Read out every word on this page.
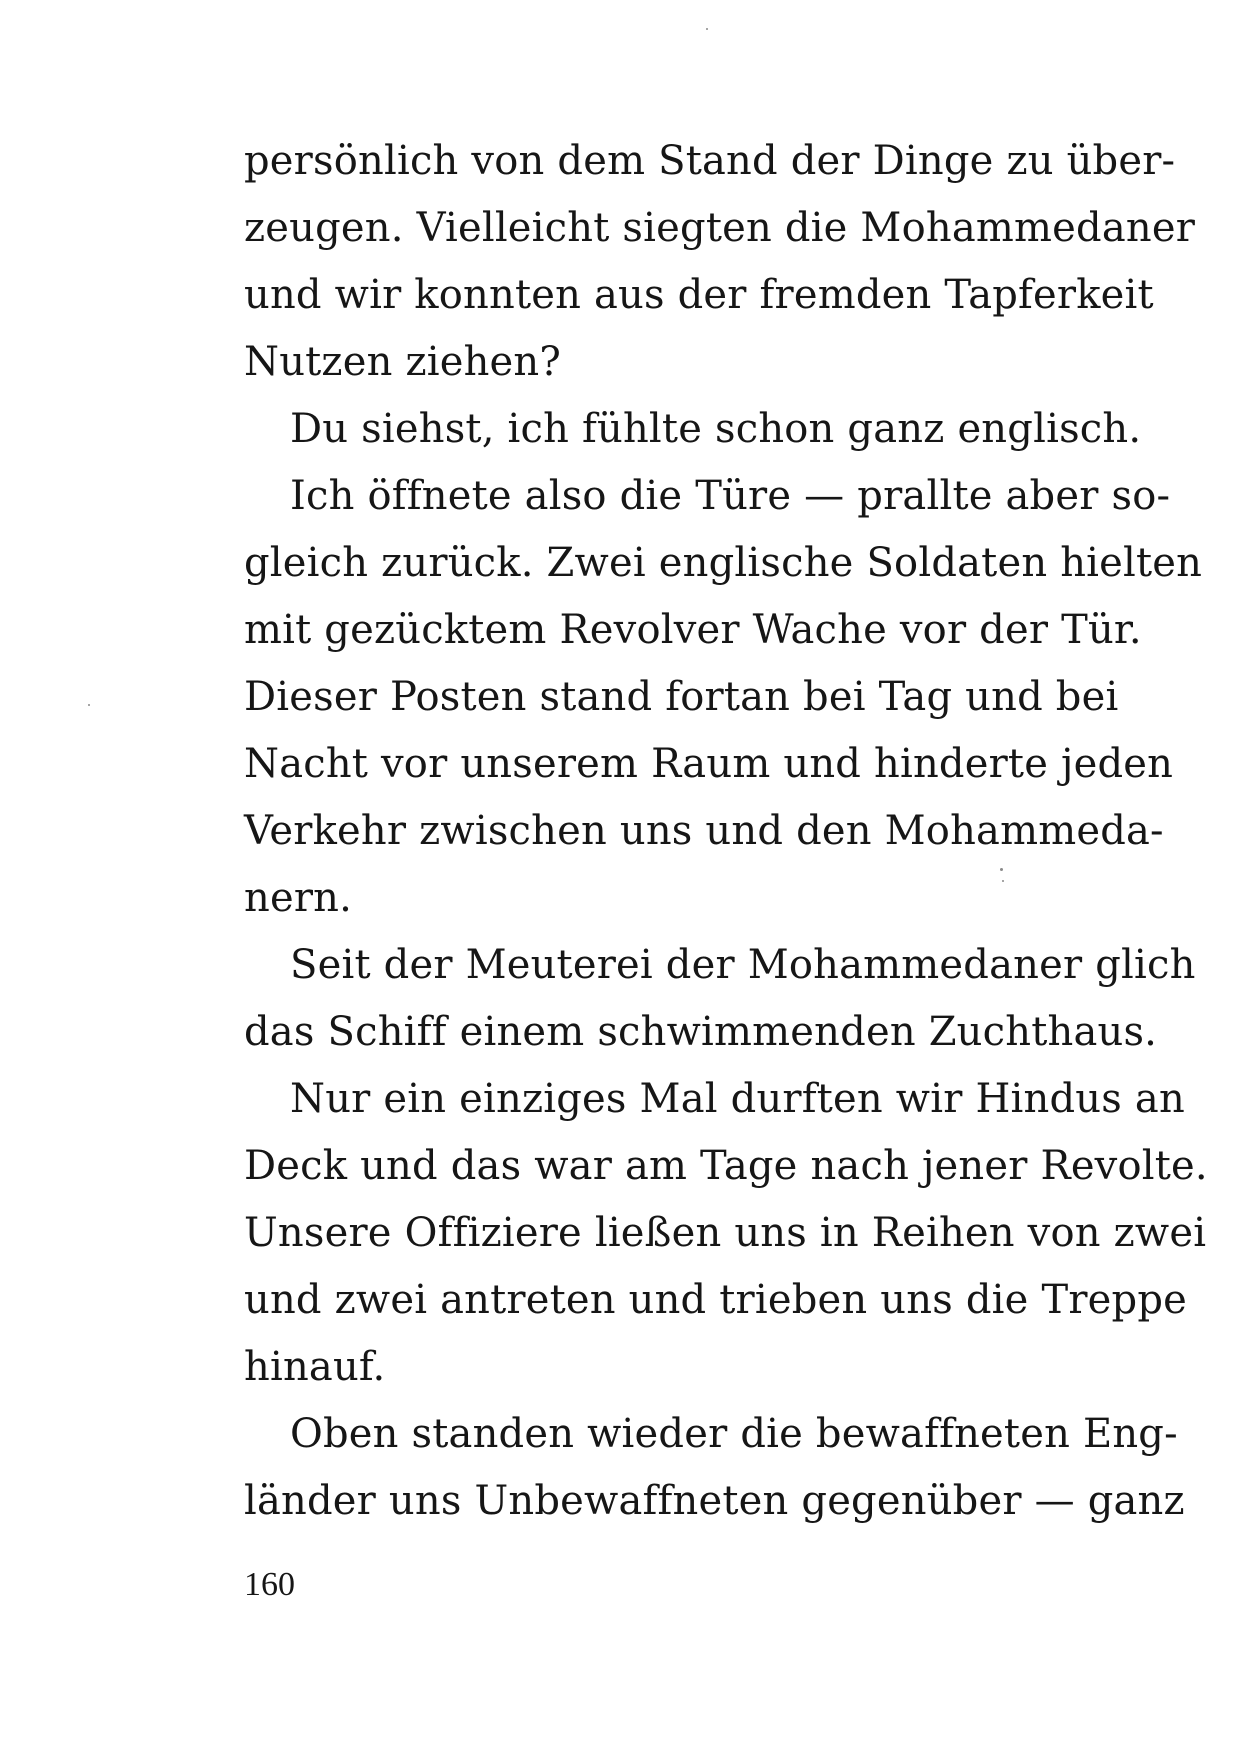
persönlich von dem Stand der Dinge zu über-
zeugen. Vielleicht siegten die Mohammedaner
und wir konnten aus der fremden Tapferkeit
Nutzen ziehen?
Du siehst, ich fühlte schon ganz englisch.
Ich öffnete also die Türe — prallte aber so-
gleich zurück. Zwei englische Soldaten hielten
mit gezücktem Revolver Wache vor der Tür.
Dieser Posten stand fortan bei Tag und bei
Nacht vor unserem Raum und hinderte jeden
Verkehr zwischen uns und den Mohammeda-
nern.
Seit der Meuterei der Mohammedaner glich
das Schiff einem schwimmenden Zuchthaus.
Nur ein einziges Mal durften wir Hindus an
Deck und das war am Tage nach jener Revolte.
Unsere Offiziere ließen uns in Reihen von zwei
und zwei antreten und trieben uns die Treppe
hinauf.
Oben standen wieder die bewaffneten Eng-
länder uns Unbewaffneten gegenüber — ganz
160
